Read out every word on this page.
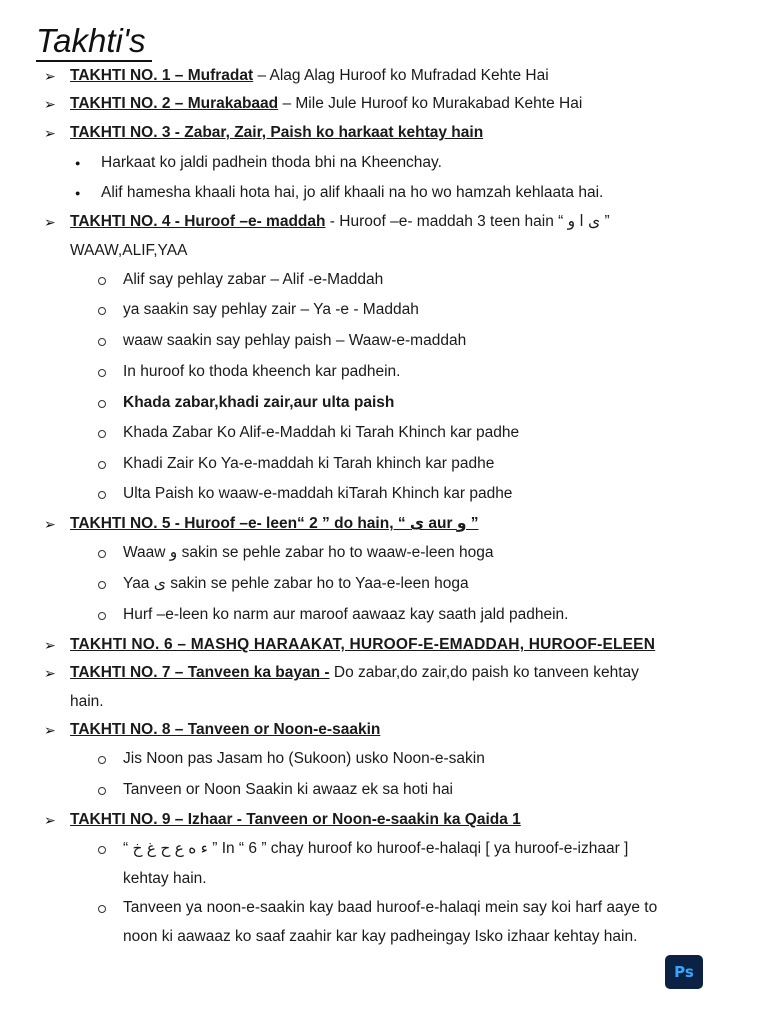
Takhti's
➢ TAKHTI NO. 1 – Mufradat – Alag Alag Huroof ko Mufradad Kehte Hai
➢ TAKHTI NO. 2 – Murakabaad – Mile Jule Huroof ko Murakabad Kehte Hai
➢ TAKHTI NO. 3 - Zabar, Zair, Paish ko harkaat kehtay hain
● Harkaat ko jaldi padhein thoda bhi na Kheenchay.
● Alif hamesha khaali hota hai, jo alif khaali na ho wo hamzah kehlaata hai.
➢ TAKHTI NO. 4 - Huroof –e- maddah - Huroof –e- maddah 3 teen hain “ ى ا و ”
WAAW,ALIF,YAA
Alif say pehlay zabar – Alif -e-Maddah
ya saakin say pehlay zair – Ya -e - Maddah
waaw saakin say pehlay paish – Waaw-e-maddah
In huroof ko thoda kheench kar padhein.
Khada zabar,khadi zair,aur ulta paish
Khada Zabar Ko Alif-e-Maddah ki Tarah Khinch kar padhe
Khadi Zair Ko Ya-e-maddah ki Tarah khinch kar padhe
Ulta Paish ko waaw-e-maddah kiTarah Khinch kar padhe
➢ TAKHTI NO. 5 - Huroof –e- leen“ 2 ” do hain, “ ى aur و ”
Waaw و sakin se pehle zabar ho to waaw-e-leen hoga
Yaa ى sakin se pehle zabar ho to Yaa-e-leen hoga
Hurf –e-leen ko narm aur maroof aawaaz kay saath jald padhein.
➢ TAKHTI NO. 6 – MASHQ HARAAKAT, HUROOF-E-EMADDAH, HUROOF-ELEEN
➢ TAKHTI NO. 7 – Tanveen ka bayan - Do zabar,do zair,do paish ko tanveen kehtay
hain.
➢ TAKHTI NO. 8 – Tanveen or Noon-e-saakin
Jis Noon pas Jasam ho (Sukoon) usko Noon-e-sakin
Tanveen or Noon Saakin ki awaaz ek sa hoti hai
➢ TAKHTI NO. 9 – Izhaar - Tanveen or Noon-e-saakin ka Qaida 1
“ ء ه ع ح غ خ ” In “ 6 ” chay huroof ko huroof-e-halaqi [ ya huroof-e-izhaar ]
kehtay hain.
Tanveen ya noon-e-saakin kay baad huroof-e-halaqi mein say koi harf aaye to
noon ki aawaaz ko saaf zaahir kar kay padheingay Isko izhaar kehtay hain.
Ps
